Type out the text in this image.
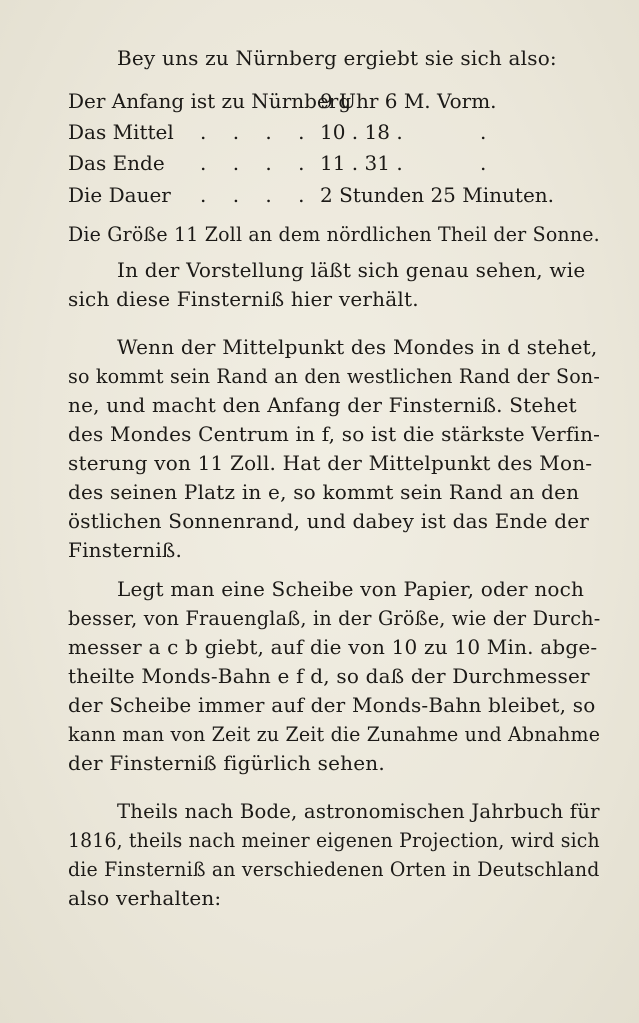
Bey uns zu Nürnberg ergiebt sie sich also:
Der Anfang ist zu Nürnberg
9 Uhr 6 M. Vorm.
Das Mittel . . . . 10 . 18 .	.
Das Ende . . . . 11 . 31 .	.
Die Dauer . . . . 2 Stunden 25 Minuten.
Die Größe 11 Zoll an dem nördlichen Theil der Sonne.
In der Vorstellung läßt sich genau sehen, wie
sich diese Finsterniß hier verhält.
Wenn der Mittelpunkt des Mondes in d stehet,
so kommt sein Rand an den westlichen Rand der Son-
ne, und macht den Anfang der Finsterniß. Stehet
des Mondes Centrum in f, so ist die stärkste Verfin-
sterung von 11 Zoll. Hat der Mittelpunkt des Mon-
des seinen Platz in e, so kommt sein Rand an den
östlichen Sonnenrand, und dabey ist das Ende der
Finsterniß.
Legt man eine Scheibe von Papier, oder noch
besser, von Frauenglaß, in der Größe, wie der Durch-
messer a c b giebt, auf die von 10 zu 10 Min. abge-
theilte Monds-Bahn e f d, so daß der Durchmesser
der Scheibe immer auf der Monds-Bahn bleibet, so
kann man von Zeit zu Zeit die Zunahme und Abnahme
der Finsterniß figürlich sehen.
Theils nach Bode, astronomischen Jahrbuch für
1816, theils nach meiner eigenen Projection, wird sich
die Finsterniß an verschiedenen Orten in Deutschland
also verhalten:
